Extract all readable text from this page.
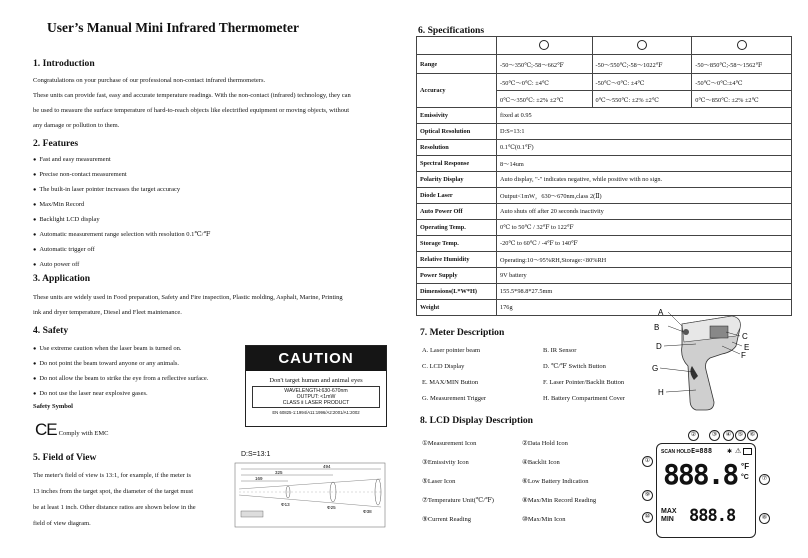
User’s Manual Mini Infrared Thermometer
1. Introduction

Congratulations on your purchase of our professional non-contact infrared thermometers.

These units can provide fast, easy and accurate temperature readings. With the non-contact (infrared) technology, they can

be used to measure the surface temperature of hard-to-reach objects like electrified equipment or moving objects, without

any damage or pollution to them.

2. Features
● Fast and easy measurement
● Precise non-contact measurement
● The built-in laser pointer increases the target accuracy
● Max/Min Record
● Backlight LCD display
● Automatic measurement range selection with resolution 0.1℃/℉
● Automatic trigger off
● Auto power off
3. Application

These units are widely used in Food preparation, Safety and Fire inspection, Plastic molding, Asphalt, Marine, Printing

ink and dryer temperature, Diesel and Fleet maintenance.

4. Safety
● Use extreme caution when the laser beam is turned on.
● Do not point the beam toward anyone or any animals.
● Do not allow the beam to strike the eye from a reflective surface.
● Do not use the laser near explosive gases.
Safety Symbol
CE Comply with EMC
CAUTION
Don't target human and animal eyes
WAVELENGTH:630-670nm
OUTPUT: <1mW
CLASS Ⅱ LASER PRODUCT
EN 60825-1:1994/A11:1996/A2:2001/A1:2002
5. Field of View

The meter's field of view is 13:1, for example, if the meter is

13 inches from the target spot, the diameter of the target must

be at least 1 inch. Other distance ratios are shown below in the

field of view diagram.

D:S=13:1
494
325
169
Φ13
Φ25
Φ38
6. Specifications

Range	-50～350℃;-58～662℉	-50～550℃;-58～1022℉	-50～850℃;-58～1562℉
Accuracy	-50℃～0℃: ±4℃	-50℃～0℃: ±4℃	-50℃～0℃:±4℃
	0℃～350℃: ±2% ±2℃	0℃～550℃: ±2% ±2℃	0℃～850℃: ±2% ±2℃
Emissivity	fixed at 0.95		
Optical Resolution	D:S=13:1		
Resolution	0.1℃(0.1℉)		
Spectral Response	8～14um		
Polarity Display	Auto display, "-" indicates negative, while positive with no sign.		
Diode Laser	Output<1mW，630～670nm,class 2(Ⅱ)		
Auto Power Off	Auto shuts off after 20 seconds inactivity		
Operating Temp.	0℃ to 50℃ / 32℉ to 122℉		
Storage Temp.	-20℃ to 60℃ / -4℉ to 140℉		
Relative Humidity	Operating:10～95%RH,Storage:<80%RH		
Power Supply	9V battery		
Dimensions(L*W*H)	155.5*98.8*27.5mm		
Weight	176g		
7. Meter Description
A. Laser pointer beam	B. IR Sensor
C. LCD Display	D. ℃/℉ Switch Button
E. MAX/MIN Button	F. Laser Pointer/Backlit Button
G. Measurement Trigger	H. Battery Compartment Cover
A
B
C
D	E
F
G
H
8. LCD Display Description
①Measurement Icon	②Data Hold Icon
③Emissivity Icon	④Backlit Icon
⑤Laser Icon	⑥Low Battery Indication
⑦Temperature Unit(℃/℉)	⑧Max/Min Record Reading
⑨Current Reading	⑩Max/Min Icon
SCAN HOLD E=888 ✱ ⚠
888.8 °F
°C
MAX
MIN 888.8
①
②	③	④	⑤	⑥
⑦
⑧
⑨
⑩
